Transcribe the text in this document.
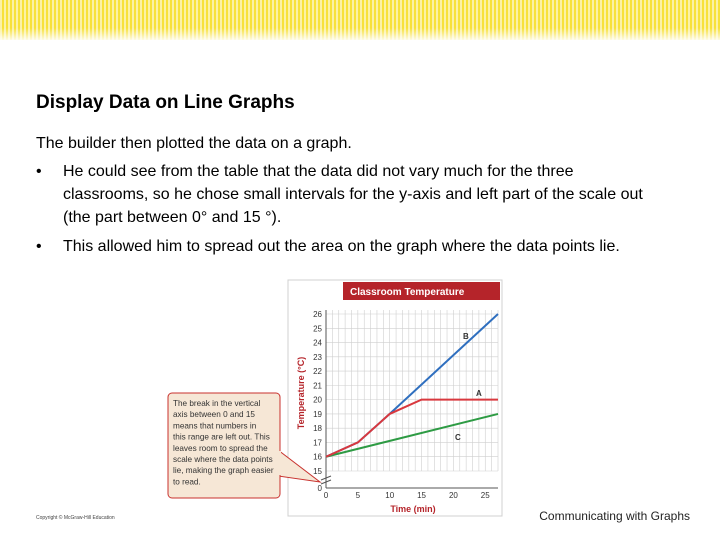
Display Data on Line Graphs
The builder then plotted the data on a graph.
• He could see from the table that the data did not vary much for the three classrooms, so he chose small intervals for the y-axis and left part of the scale out (the part between 0° and 15 °).
• This allowed him to spread out the area on the graph where the data points lie.
Classroom Temperature
0
15
16
17
18
19
20
21
22
23
24
25
26
0	5	10	15	20	25
Time (min)
Temperature (°C)	A
B
C
The break in the vertical
axis between 0 and 15
means that numbers in
this range are left out. This
leaves room to spread the
scale where the data points
lie, making the graph easier
to read.
Copyright © McGraw-Hill Education	Communicating with Graphs
